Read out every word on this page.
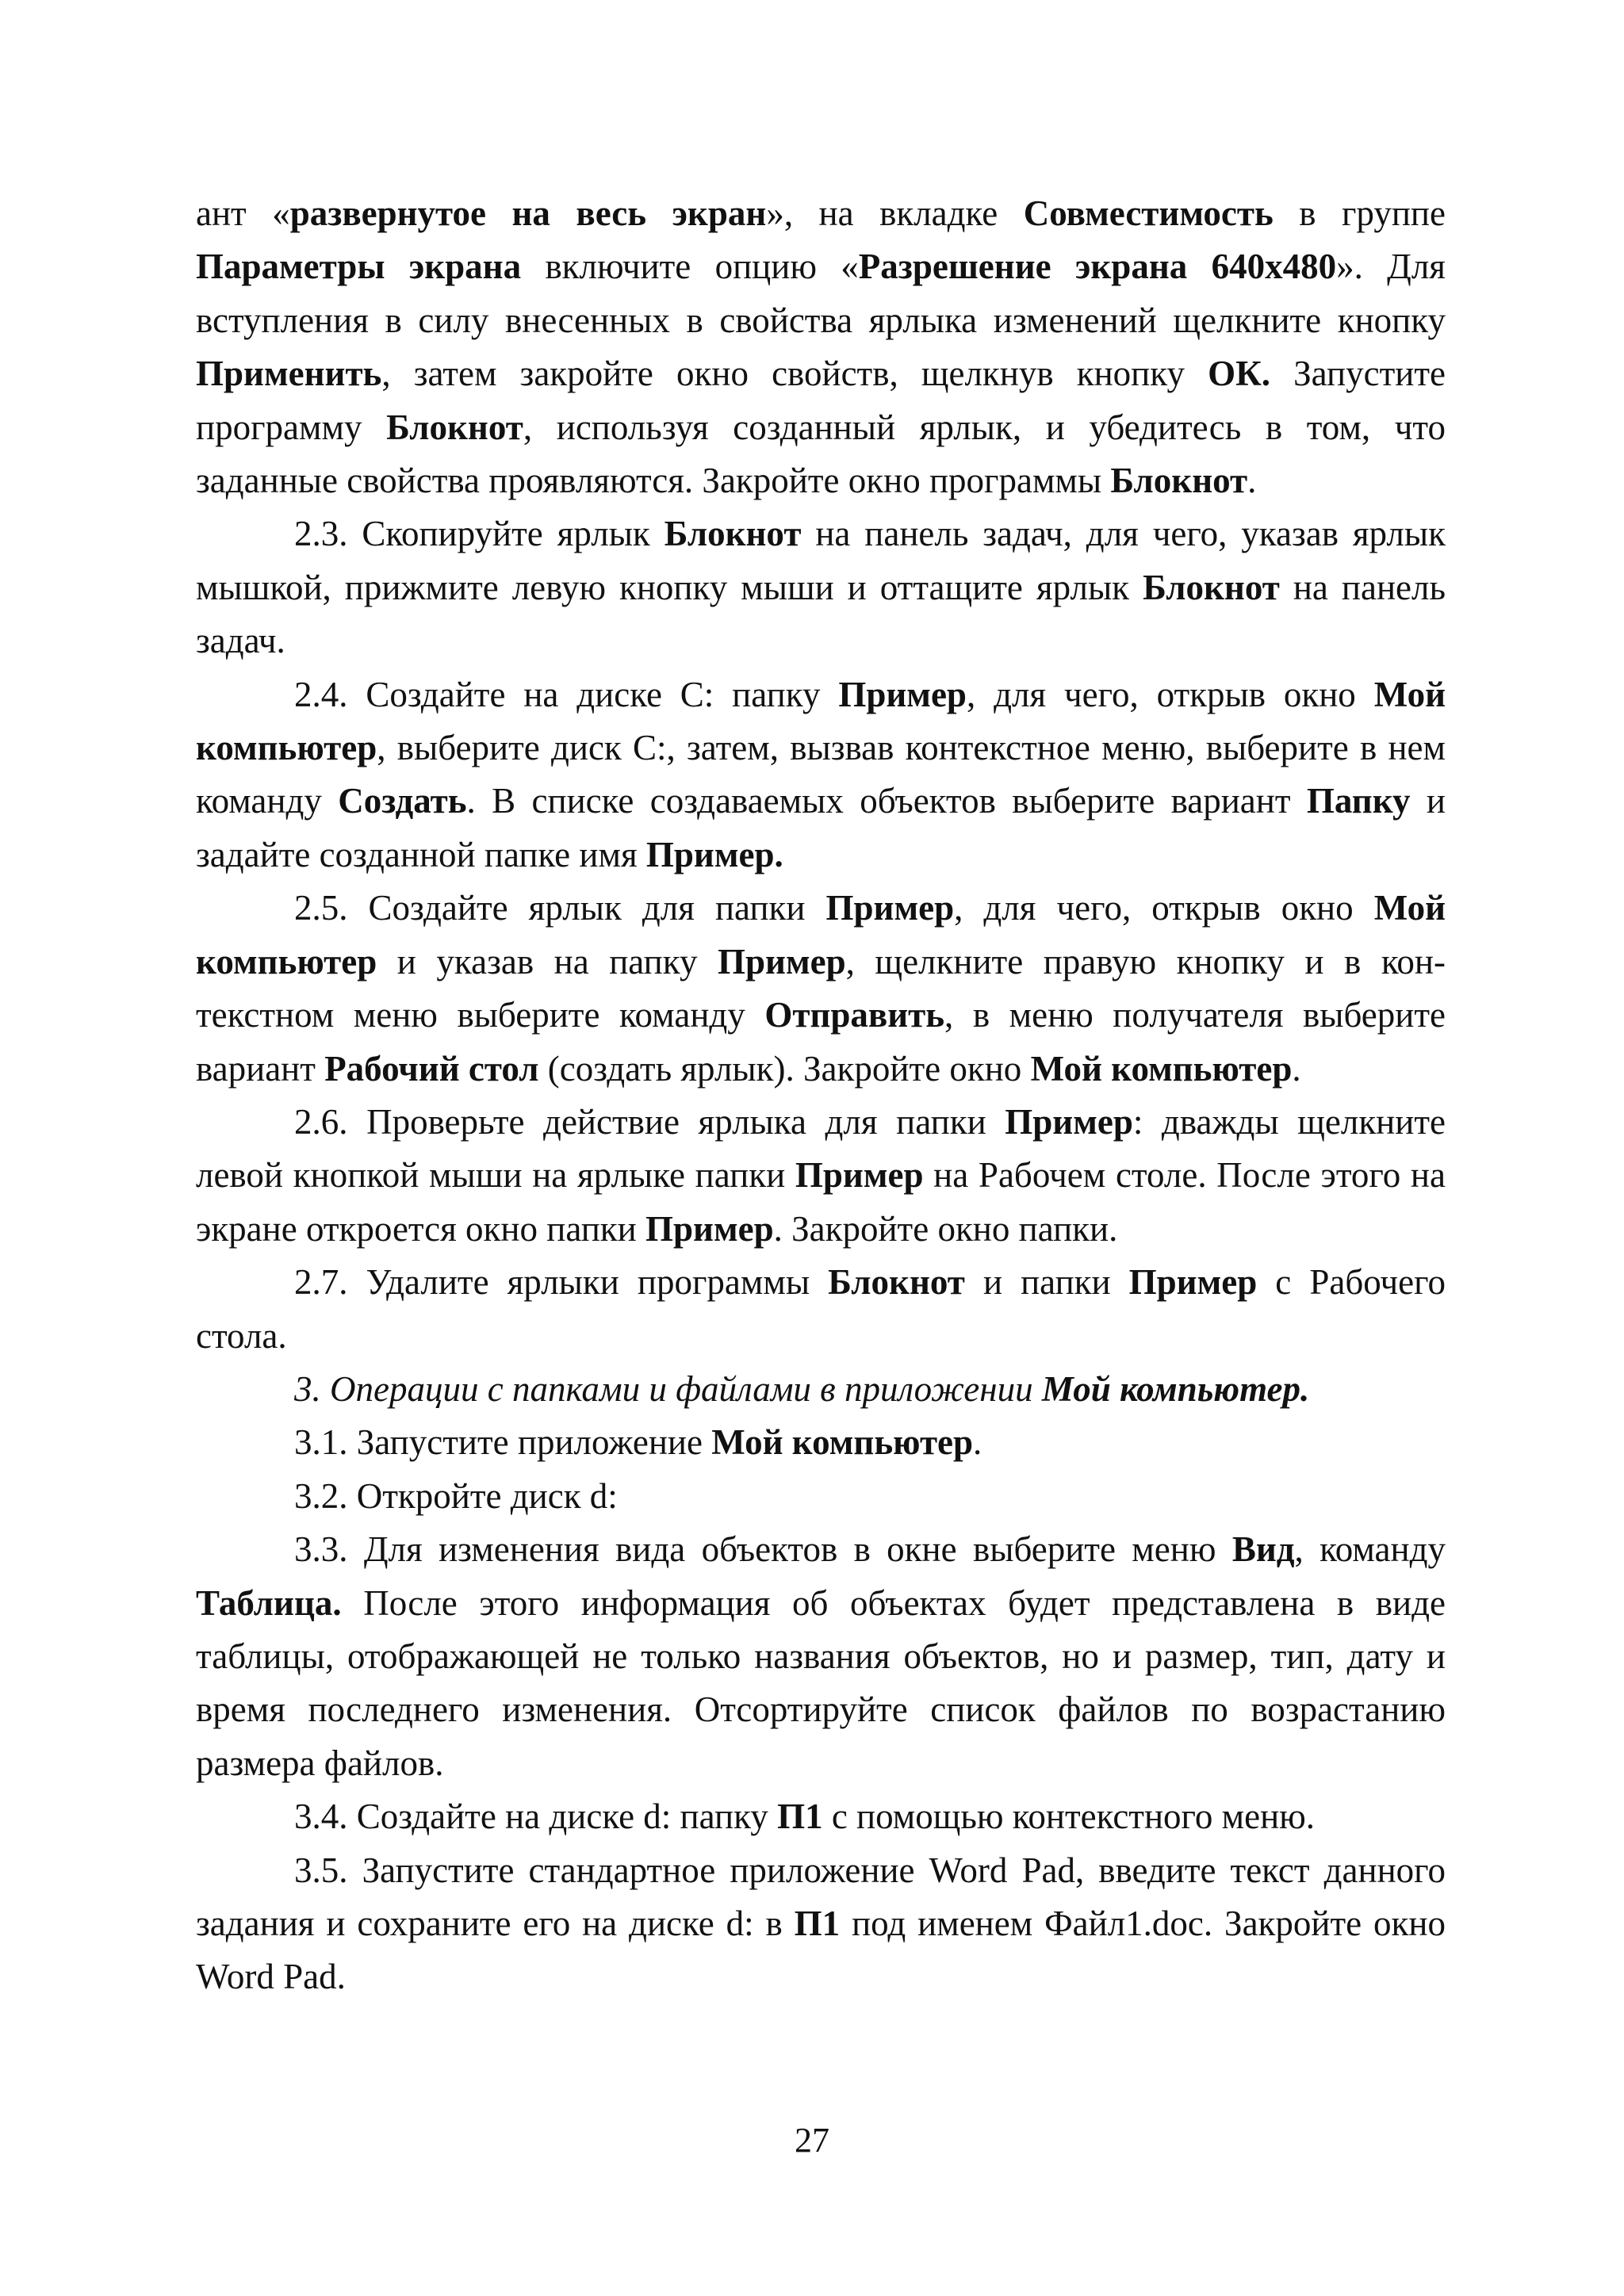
ант «развернутое на весь экран», на вкладке Совместимость в группе Параметры экрана включите опцию «Разрешение экрана 640х480». Для вступления в силу внесенных в свойства ярлыка изменений щелкните кнопку Применить, затем закройте окно свойств, щелкнув кнопку ОК. Запустите программу Блокнот, используя созданный ярлык, и убедитесь в том, что заданные свойства проявляются. Закройте окно программы Блокнот.

2.3. Скопируйте ярлык Блокнот на панель задач, для чего, указав ярлык мышкой, прижмите левую кнопку мыши и оттащите ярлык Блокнот на панель задач.

2.4. Создайте на диске С: папку Пример, для чего, открыв окно Мой компьютер, выберите диск С:, затем, вызвав контекстное меню, выберите в нем команду Создать. В списке создаваемых объектов выберите вариант Папку и задайте созданной папке имя Пример.

2.5. Создайте ярлык для папки Пример, для чего, открыв окно Мой компьютер и указав на папку Пример, щелкните правую кнопку и в контекстном меню выберите команду Отправить, в меню получателя выберите вариант Рабочий стол (создать ярлык). Закройте окно Мой компьютер.

2.6. Проверьте действие ярлыка для папки Пример: дважды щелкните левой кнопкой мыши на ярлыке папки Пример на Рабочем столе. После этого на экране откроется окно папки Пример. Закройте окно папки.

2.7. Удалите ярлыки программы Блокнот и папки Пример с Рабочего стола.

3. Операции с папками и файлами в приложении Мой компьютер.

3.1. Запустите приложение Мой компьютер.

3.2. Откройте диск d:

3.3. Для изменения вида объектов в окне выберите меню Вид, команду Таблица. После этого информация об объектах будет представлена в виде таблицы, отображающей не только названия объектов, но и размер, тип, дату и время последнего изменения. Отсортируйте список файлов по возрастанию размера файлов.

3.4. Создайте на диске d: папку П1 с помощью контекстного меню.

3.5. Запустите стандартное приложение Word Pad, введите текст данного задания и сохраните его на диске d: в П1 под именем Файл1.doc. Закройте окно Word Pad.

27
